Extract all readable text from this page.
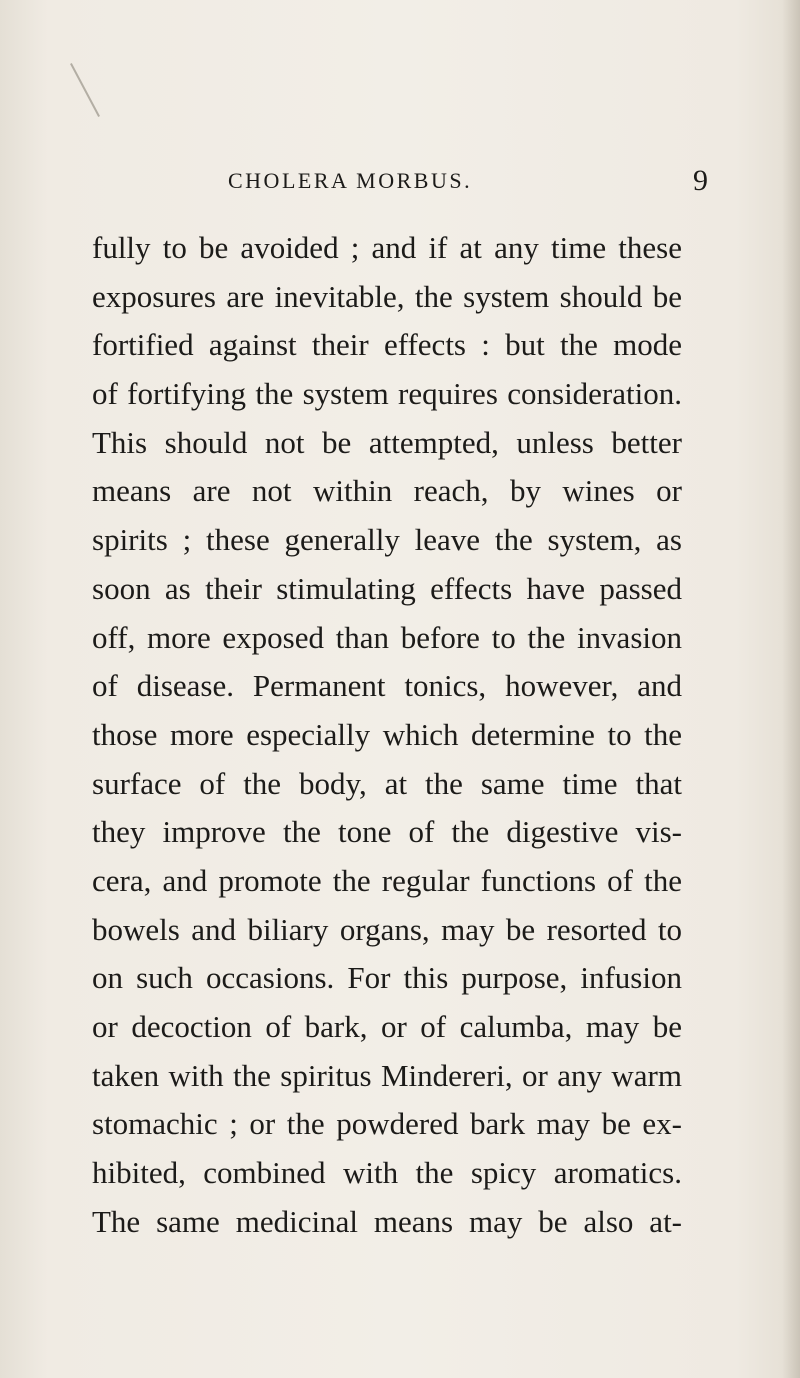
CHOLERA MORBUS.	9
fully to be avoided ; and if at any time these
exposures are inevitable, the system should be
fortified against their effects : but the mode
of fortifying the system requires consideration.
This should not be attempted, unless better
means are not within reach, by wines or
spirits ; these generally leave the system, as
soon as their stimulating effects have passed
off, more exposed than before to the invasion
of disease. Permanent tonics, however, and
those more especially which determine to the
surface of the body, at the same time that
they improve the tone of the digestive vis-
cera, and promote the regular functions of the
bowels and biliary organs, may be resorted to
on such occasions. For this purpose, infusion
or decoction of bark, or of calumba, may be
taken with the spiritus Mindereri, or any warm
stomachic ; or the powdered bark may be ex-
hibited, combined with the spicy aromatics.
The same medicinal means may be also at-
